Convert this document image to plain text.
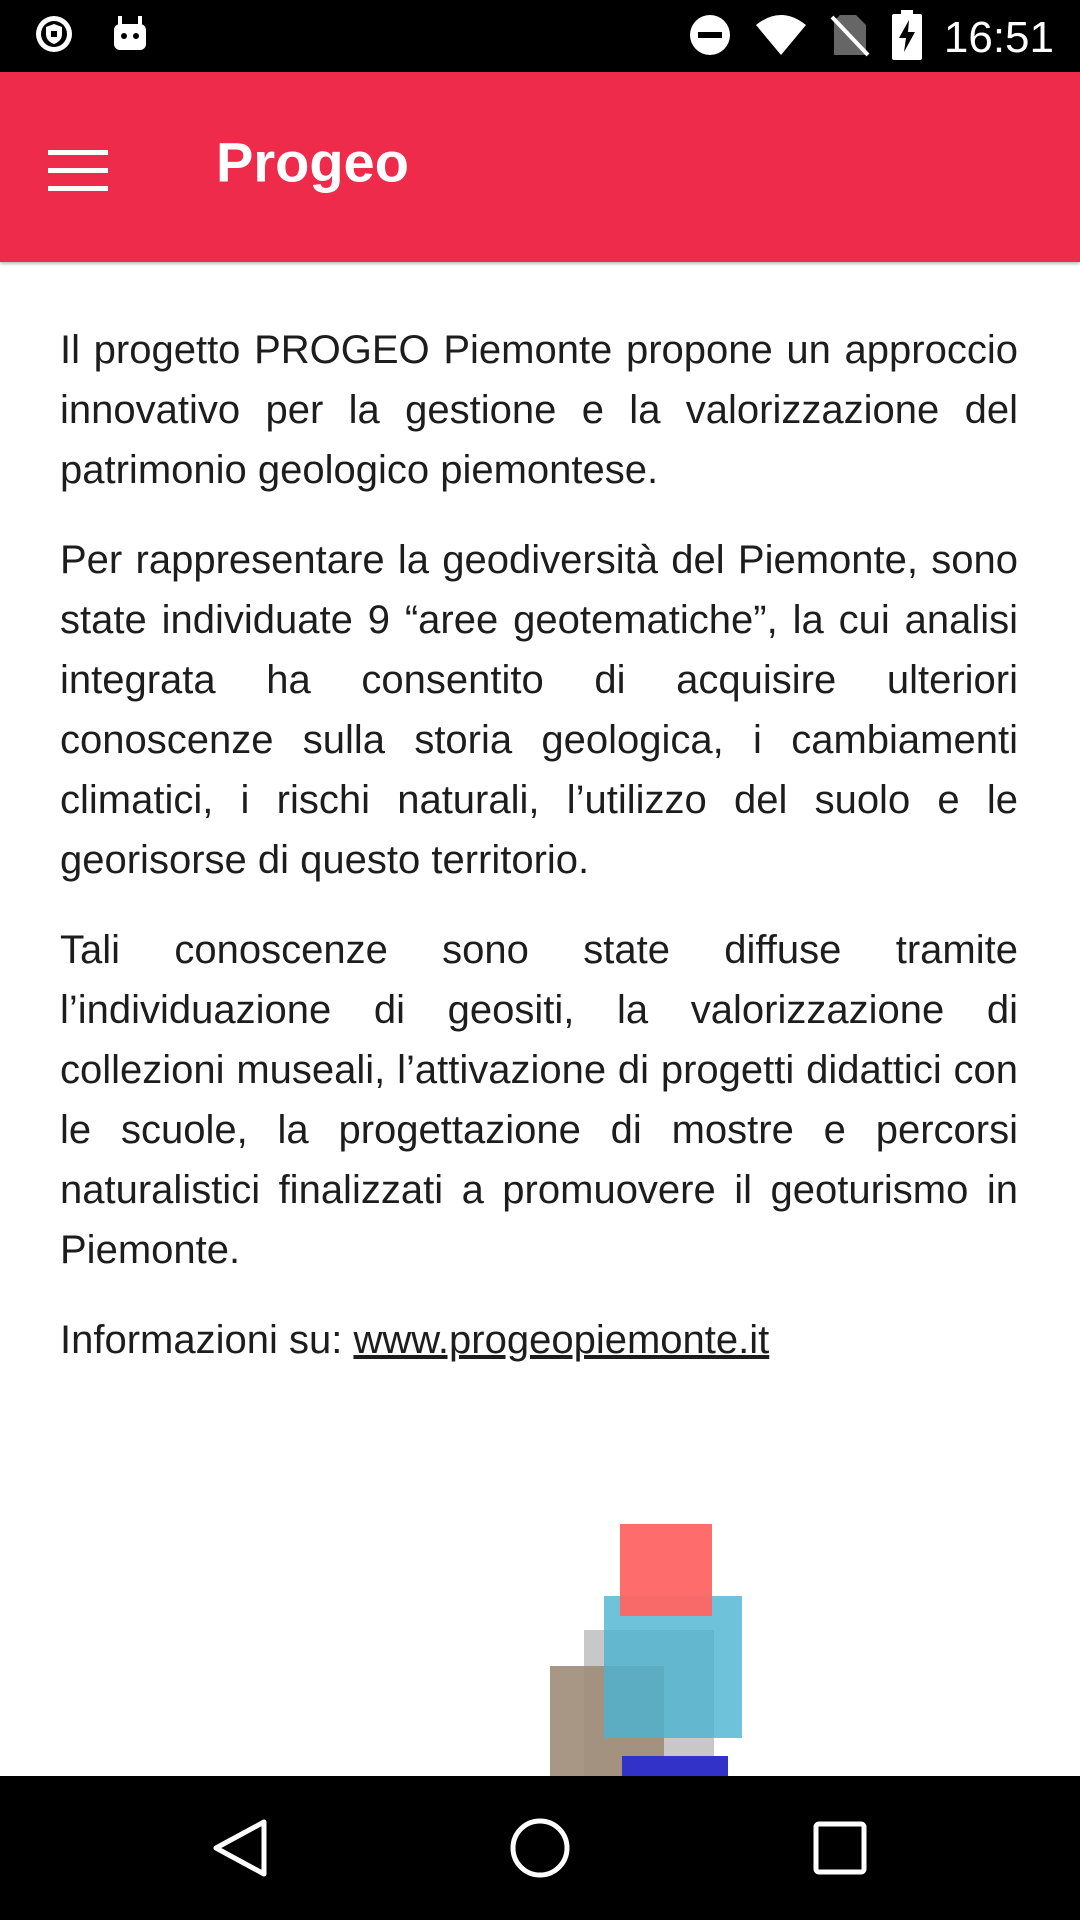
16:51
Progeo

Il progetto PROGEO Piemonte propone un approccio innovativo per la gestione e la valorizzazione del patrimonio geologico piemontese.

Per rappresentare la geodiversità del Piemonte, sono state individuate 9 “aree geotematiche”, la cui analisi integrata ha consentito di acquisire ulteriori conoscenze sulla storia geologica, i cambiamenti climatici, i rischi naturali, l’utilizzo del suolo e le georisorse di questo territorio.

Tali conoscenze sono state diffuse tramite l’individuazione di geositi, la valorizzazione di collezioni museali, l’attivazione di progetti didattici con le scuole, la progettazione di mostre e percorsi naturalistici finalizzati a promuovere il geoturismo in Piemonte.

Informazioni su: www.progeopiemonte.it
